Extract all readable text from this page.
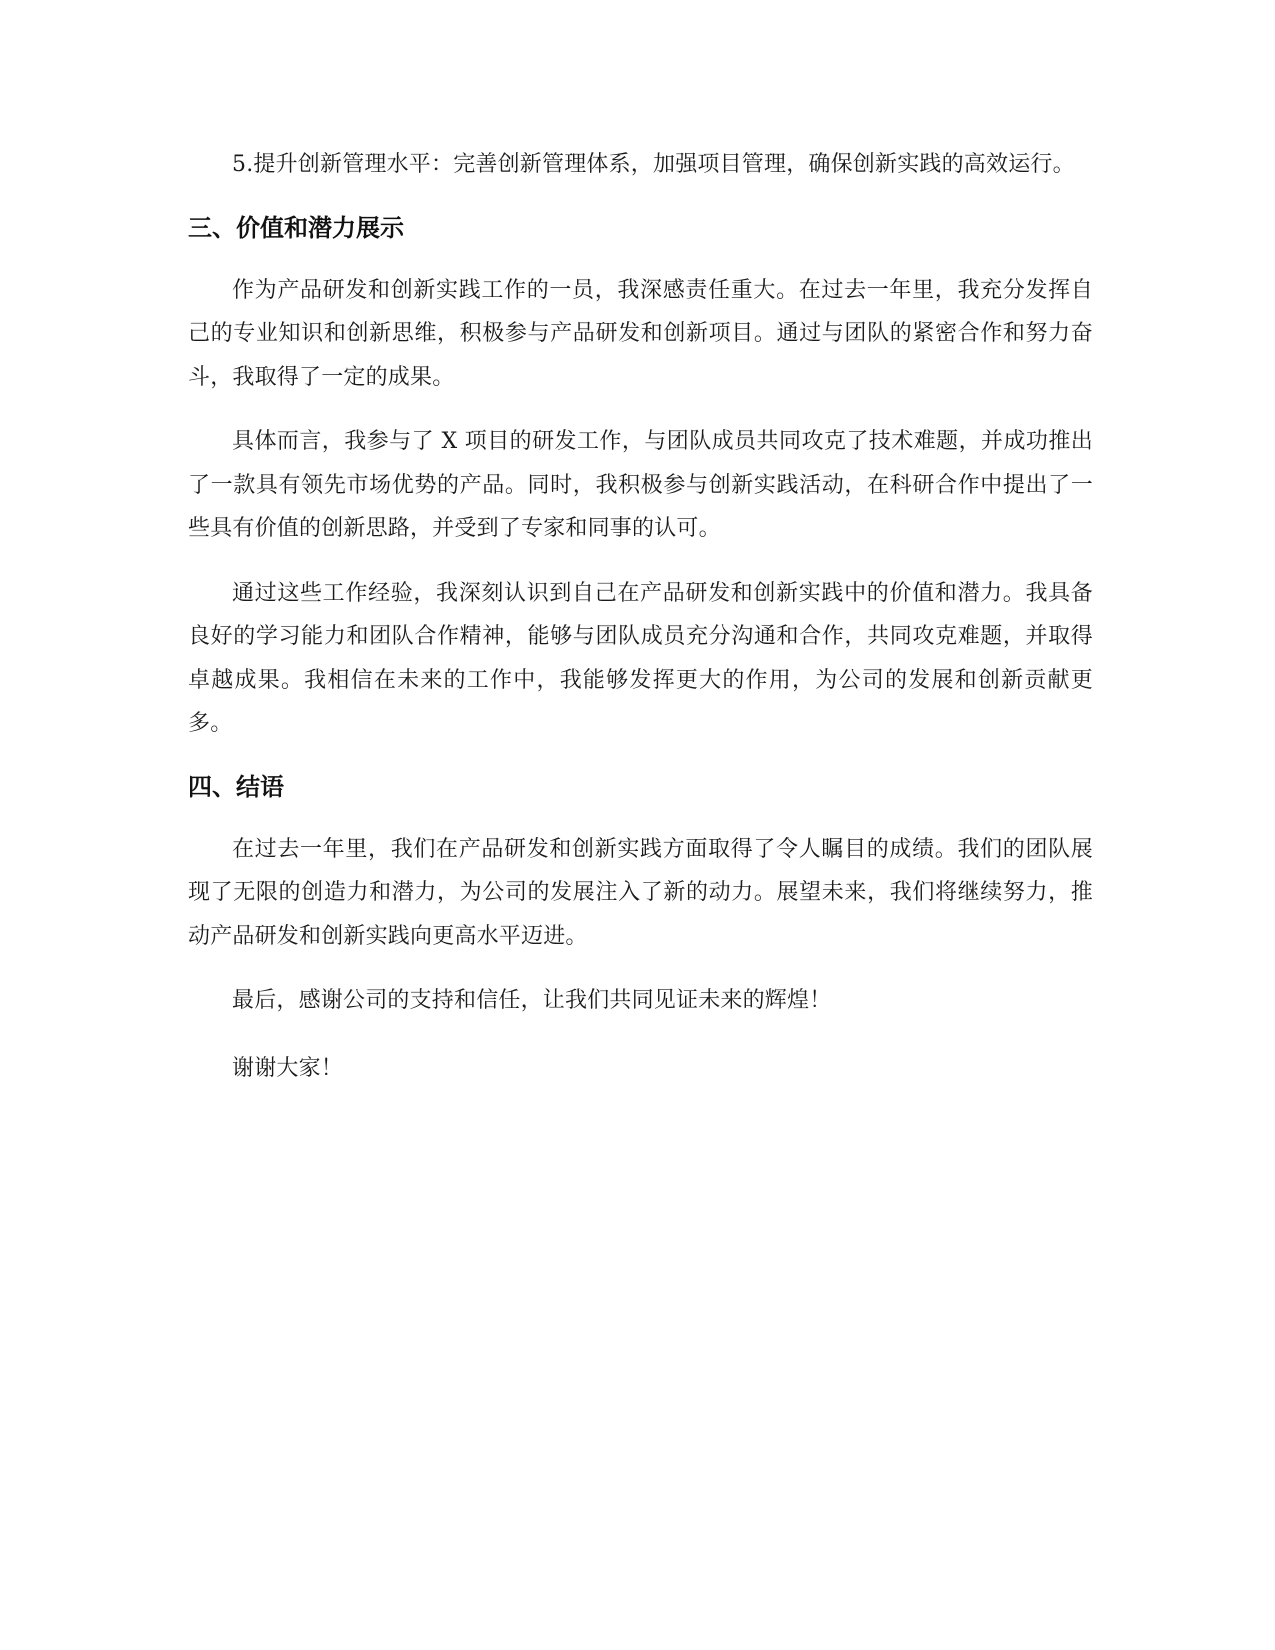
5.提升创新管理水平：完善创新管理体系，加强项目管理，确保创新实践的高效运行。

三、价值和潜力展示

作为产品研发和创新实践工作的一员，我深感责任重大。在过去一年里，我充分发挥自己的专业知识和创新思维，积极参与产品研发和创新项目。通过与团队的紧密合作和努力奋斗，我取得了一定的成果。

具体而言，我参与了 X 项目的研发工作，与团队成员共同攻克了技术难题，并成功推出了一款具有领先市场优势的产品。同时，我积极参与创新实践活动，在科研合作中提出了一些具有价值的创新思路，并受到了专家和同事的认可。

通过这些工作经验，我深刻认识到自己在产品研发和创新实践中的价值和潜力。我具备良好的学习能力和团队合作精神，能够与团队成员充分沟通和合作，共同攻克难题，并取得卓越成果。我相信在未来的工作中，我能够发挥更大的作用，为公司的发展和创新贡献更多。

四、结语

在过去一年里，我们在产品研发和创新实践方面取得了令人瞩目的成绩。我们的团队展现了无限的创造力和潜力，为公司的发展注入了新的动力。展望未来，我们将继续努力，推动产品研发和创新实践向更高水平迈进。

最后，感谢公司的支持和信任，让我们共同见证未来的辉煌！

谢谢大家！
